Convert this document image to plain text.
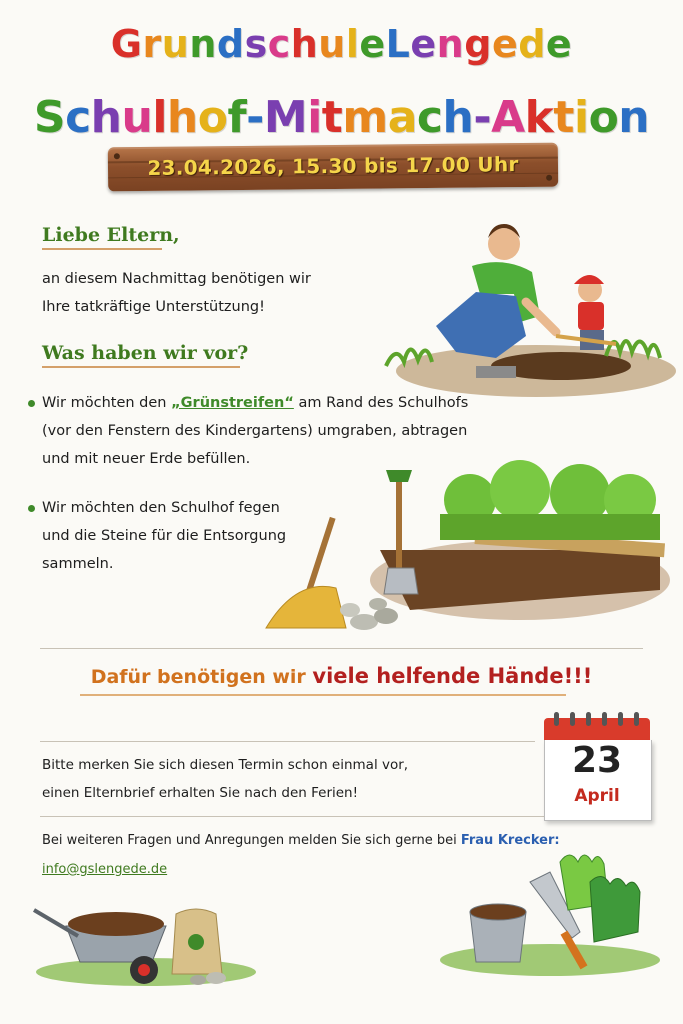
GrundschuleLengede
Schulhof-Mitmach-Aktion
23.04.2026, 15.30 bis 17.00 Uhr
Liebe Eltern,

an diesem Nachmittag benötigen wir

Ihre tatkräftige Unterstützung!

Was haben wir vor?

Wir möchten den „Grünstreifen“ am Rand des Schulhofs

(vor den Fenstern des Kindergartens) umgraben, abtragen

und mit neuer Erde befüllen.

Wir möchten den Schulhof fegen

und die Steine für die Entsorgung

sammeln.

Dafür benötigen wir viele helfende Hände!!!

Bitte merken Sie sich diesen Termin schon einmal vor,

einen Elternbrief erhalten Sie nach den Ferien!

23
April

Bei weiteren Fragen und Anregungen melden Sie sich gerne bei Frau Krecker:

info@gslengede.de
